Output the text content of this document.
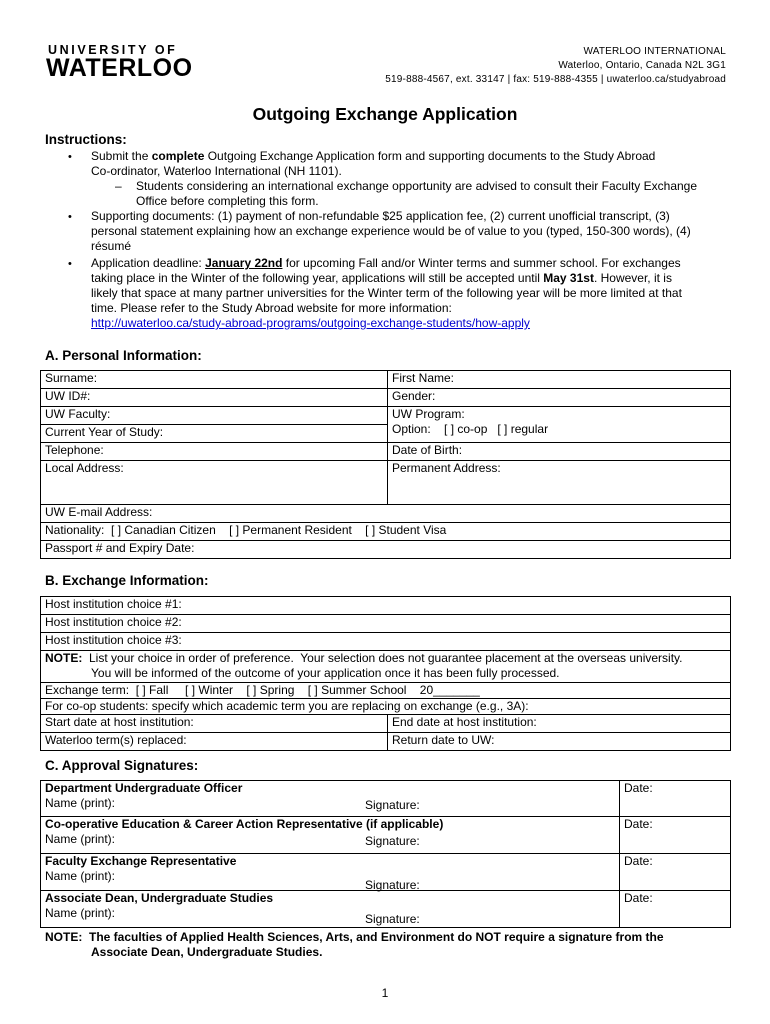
UNIVERSITY OF
WATERLOO
WATERLOO INTERNATIONAL
Waterloo, Ontario, Canada N2L 3G1
519-888-4567, ext. 33147 | fax: 519-888-4355 | uwaterloo.ca/studyabroad
Outgoing Exchange Application
Instructions:
• Submit the complete Outgoing Exchange Application form and supporting documents to the Study Abroad
Co-ordinator, Waterloo International (NH 1101).
– Students considering an international exchange opportunity are advised to consult their Faculty Exchange
Office before completing this form.
• Supporting documents: (1) payment of non-refundable $25 application fee, (2) current unofficial transcript, (3)
personal statement explaining how an exchange experience would be of value to you (typed, 150-300 words), (4)
résumé
• Application deadline: January 22nd for upcoming Fall and/or Winter terms and summer school. For exchanges
taking place in the Winter of the following year, applications will still be accepted until May 31st. However, it is
likely that space at many partner universities for the Winter term of the following year will be more limited at that
time. Please refer to the Study Abroad website for more information:
http://uwaterloo.ca/study-abroad-programs/outgoing-exchange-students/how-apply
A. Personal Information:
Surname:	First Name:
UW ID#:	Gender:
UW Faculty:	UW Program:
Option:    [ ] co-op   [ ] regular

Current Year of Study:	
Telephone:	Date of Birth:
Local Address:	Permanent Address:
UW E-mail Address:	
Nationality:  [ ] Canadian Citizen    [ ] Permanent Resident    [ ] Student Visa	
Passport # and Expiry Date:	
B. Exchange Information:
Host institution choice #1:	
Host institution choice #2:	
Host institution choice #3:	
NOTE:  List your choice in order of preference.  Your selection does not guarantee placement at the overseas university.
You will be informed of the outcome of your application once it has been fully processed.	

Exchange term:  [ ] Fall     [ ] Winter    [ ] Spring    [ ] Summer School    20_______	
For co-op students: specify which academic term you are replacing on exchange (e.g., 3A):	
Start date at host institution:	End date at host institution:
Waterloo term(s) replaced:	Return date to UW:
C. Approval Signatures:
Department Undergraduate Officer
Name (print): Signature:	Date:
Co-operative Education & Career Action Representative (if applicable)
Name (print): Signature:	Date:
Faculty Exchange Representative
Name (print):
Signature:	Date:
Associate Dean, Undergraduate Studies
Name (print): Signature:	Date:
NOTE:  The faculties of Applied Health Sciences, Arts, and Environment do NOT require a signature from the
Associate Dean, Undergraduate Studies.
1
